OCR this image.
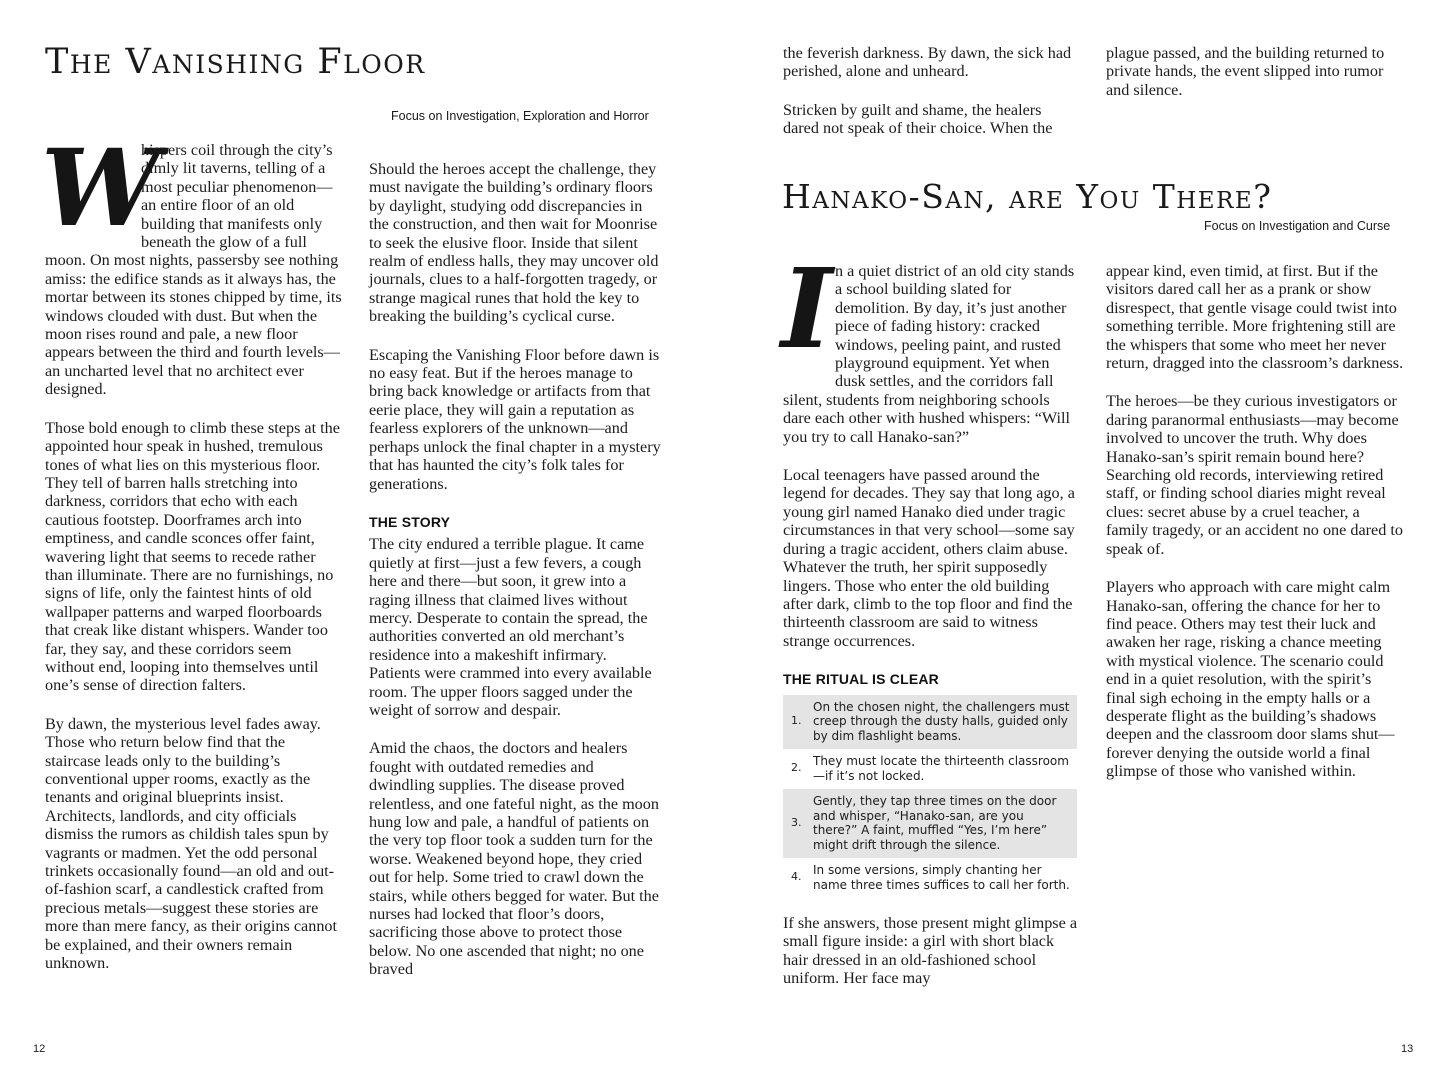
The Vanishing Floor
Focus on Investigation, Exploration and Horror

W
hispers coil through the city’s dimly lit taverns, telling of a most peculiar phenomenon—an entire floor of an old building that manifests only beneath the glow of a full moon. On most nights, passersby see nothing amiss: the edifice stands as it always has, the mortar between its stones chipped by time, its windows clouded with dust. But when the moon rises round and pale, a new floor appears between the third and fourth levels—an uncharted level that no architect ever designed.

Those bold enough to climb these steps at the appointed hour speak in hushed, tremulous tones of what lies on this mysterious floor. They tell of barren halls stretching into darkness, corridors that echo with each cautious footstep. Doorframes arch into emptiness, and candle sconces offer faint, wavering light that seems to recede rather than illuminate. There are no furnishings, no signs of life, only the faintest hints of old wallpaper patterns and warped floorboards that creak like distant whispers. Wander too far, they say, and these corridors seem without end, looping into themselves until one’s sense of direction falters.

By dawn, the mysterious level fades away. Those who return below find that the staircase leads only to the building’s conventional upper rooms, exactly as the tenants and original blueprints insist. Architects, landlords, and city officials dismiss the rumors as childish tales spun by vagrants or madmen. Yet the odd personal trinkets occasionally found—an old and out-of-fashion scarf, a candlestick crafted from precious metals—suggest these stories are more than mere fancy, as their origins cannot be explained, and their owners remain unknown.

Should the heroes accept the challenge, they must navigate the building’s ordinary floors by daylight, studying odd discrepancies in the construction, and then wait for Moonrise to seek the elusive floor. Inside that silent realm of endless halls, they may uncover old journals, clues to a half-forgotten tragedy, or strange magical runes that hold the key to breaking the building’s cyclical curse.

Escaping the Vanishing Floor before dawn is no easy feat. But if the heroes manage to bring back knowledge or artifacts from that eerie place, they will gain a reputation as fearless explorers of the unknown—and perhaps unlock the final chapter in a mystery that has haunted the city’s folk tales for generations.

THE STORY

The city endured a terrible plague. It came quietly at first—just a few fevers, a cough here and there—but soon, it grew into a raging illness that claimed lives without mercy. Desperate to contain the spread, the authorities converted an old merchant’s residence into a makeshift infirmary. Patients were crammed into every available room. The upper floors sagged under the weight of sorrow and despair.

Amid the chaos, the doctors and healers fought with outdated remedies and dwindling supplies. The disease proved relentless, and one fateful night, as the moon hung low and pale, a handful of patients on the very top floor took a sudden turn for the worse. Weakened beyond hope, they cried out for help. Some tried to crawl down the stairs, while others begged for water. But the nurses had locked that floor’s doors, sacrificing those above to protect those below. No one ascended that night; no one braved

12

the feverish darkness. By dawn, the sick had perished, alone and unheard.

Stricken by guilt and shame, the healers dared not speak of their choice. When the

plague passed, and the building returned to private hands, the event slipped into rumor and silence.

Hanako-San, are You There?
Focus on Investigation and Curse

In a quiet district of an old city stands a school building slated for demolition. By day, it’s just another piece of fading history: cracked windows, peeling paint, and rusted playground equipment. Yet when dusk settles, and the corridors fall silent, students from neighboring schools dare each other with hushed whispers: “Will you try to call Hanako-san?”

Local teenagers have passed around the legend for decades. They say that long ago, a young girl named Hanako died under tragic circumstances in that very school—some say during a tragic accident, others claim abuse. Whatever the truth, her spirit supposedly lingers. Those who enter the old building after dark, climb to the top floor and find the thirteenth classroom are said to witness strange occurrences.

THE RITUAL IS CLEAR
1.
On the chosen night, the challengers must creep through the dusty halls, guided only by dim flashlight beams.
2. They must locate the thirteenth classroom—if it’s not locked.
3.
Gently, they tap three times on the door and whisper, “Hanako-san, are you there?” A faint, muffled “Yes, I’m here” might drift through the silence.
4. In some versions, simply chanting her name three times suffices to call her forth.

If she answers, those present might glimpse a small figure inside: a girl with short black hair dressed in an old-fashioned school uniform. Her face may

appear kind, even timid, at first. But if the visitors dared call her as a prank or show disrespect, that gentle visage could twist into something terrible. More frightening still are the whispers that some who meet her never return, dragged into the classroom’s darkness.

The heroes—be they curious investigators or daring paranormal enthusiasts—may become involved to uncover the truth. Why does Hanako-san’s spirit remain bound here? Searching old records, interviewing retired staff, or finding school diaries might reveal clues: secret abuse by a cruel teacher, a family tragedy, or an accident no one dared to speak of.

Players who approach with care might calm Hanako-san, offering the chance for her to find peace. Others may test their luck and awaken her rage, risking a chance meeting with mystical violence. The scenario could end in a quiet resolution, with the spirit’s final sigh echoing in the empty halls or a desperate flight as the building’s shadows deepen and the classroom door slams shut—forever denying the outside world a final glimpse of those who vanished within.

13
